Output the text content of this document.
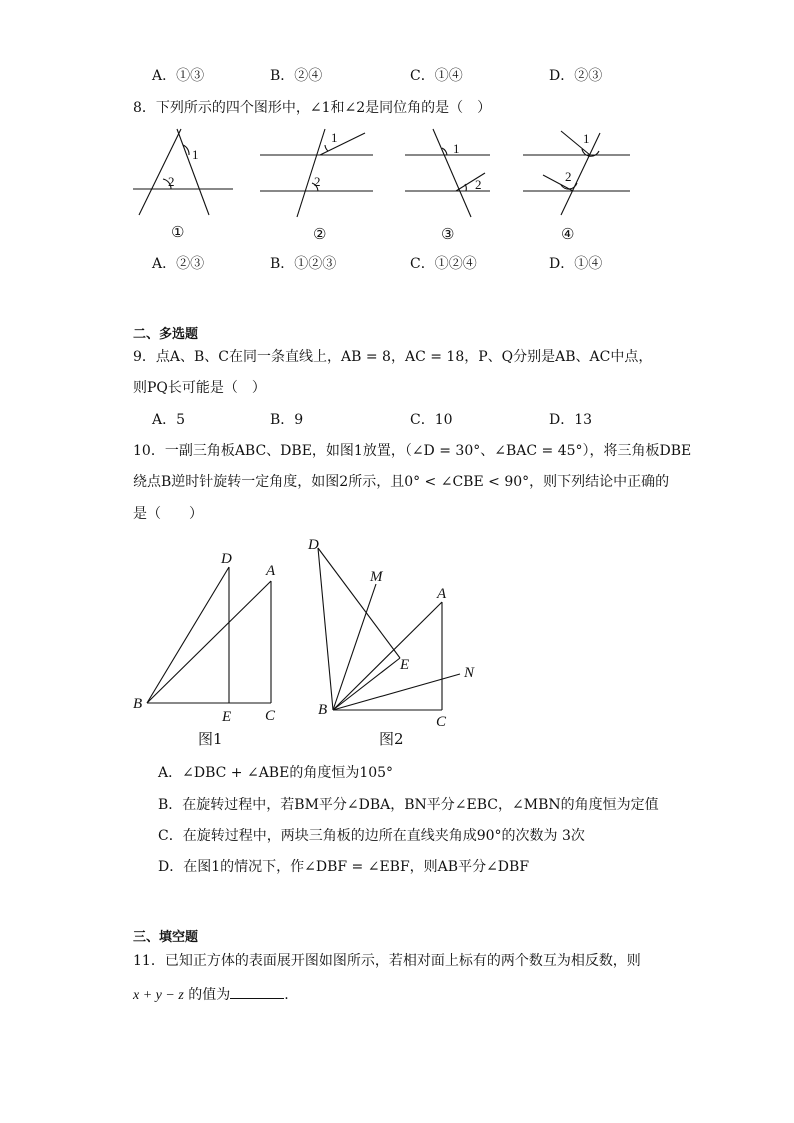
A．①③	B．②④	C．①④	D．②③
8．下列所示的四个图形中，∠1和∠2是同位角的是（　）
1
2
1
2
1
2
1
2
①	②	③	④
A．②③	B．①②③	C．①②④	D．①④
二、多选题
9．点A、B、C在同一条直线上，AB = 8，AC = 18，P、Q分别是AB、AC中点，
则PQ长可能是（　）
A．5	B．9	C．10	D．13
10．一副三角板ABC、DBE，如图1放置，（∠D = 30°、∠BAC = 45°），将三角板DBE
绕点B逆时针旋转一定角度，如图2所示，且0° < ∠CBE < 90°，则下列结论中正确的
是（　　）
D
A
B
E C
图1
D
M
A
E	N
B
C
图2
A．∠DBC + ∠ABE的角度恒为105°
B．在旋转过程中，若BM平分∠DBA，BN平分∠EBC，∠MBN的角度恒为定值
C．在旋转过程中，两块三角板的边所在直线夹角成90°的次数为 3次
D．在图1的情况下，作∠DBF = ∠EBF，则AB平分∠DBF
三、填空题
11．已知正方体的表面展开图如图所示，若相对面上标有的两个数互为相反数，则
x + y − z 的值为	.
